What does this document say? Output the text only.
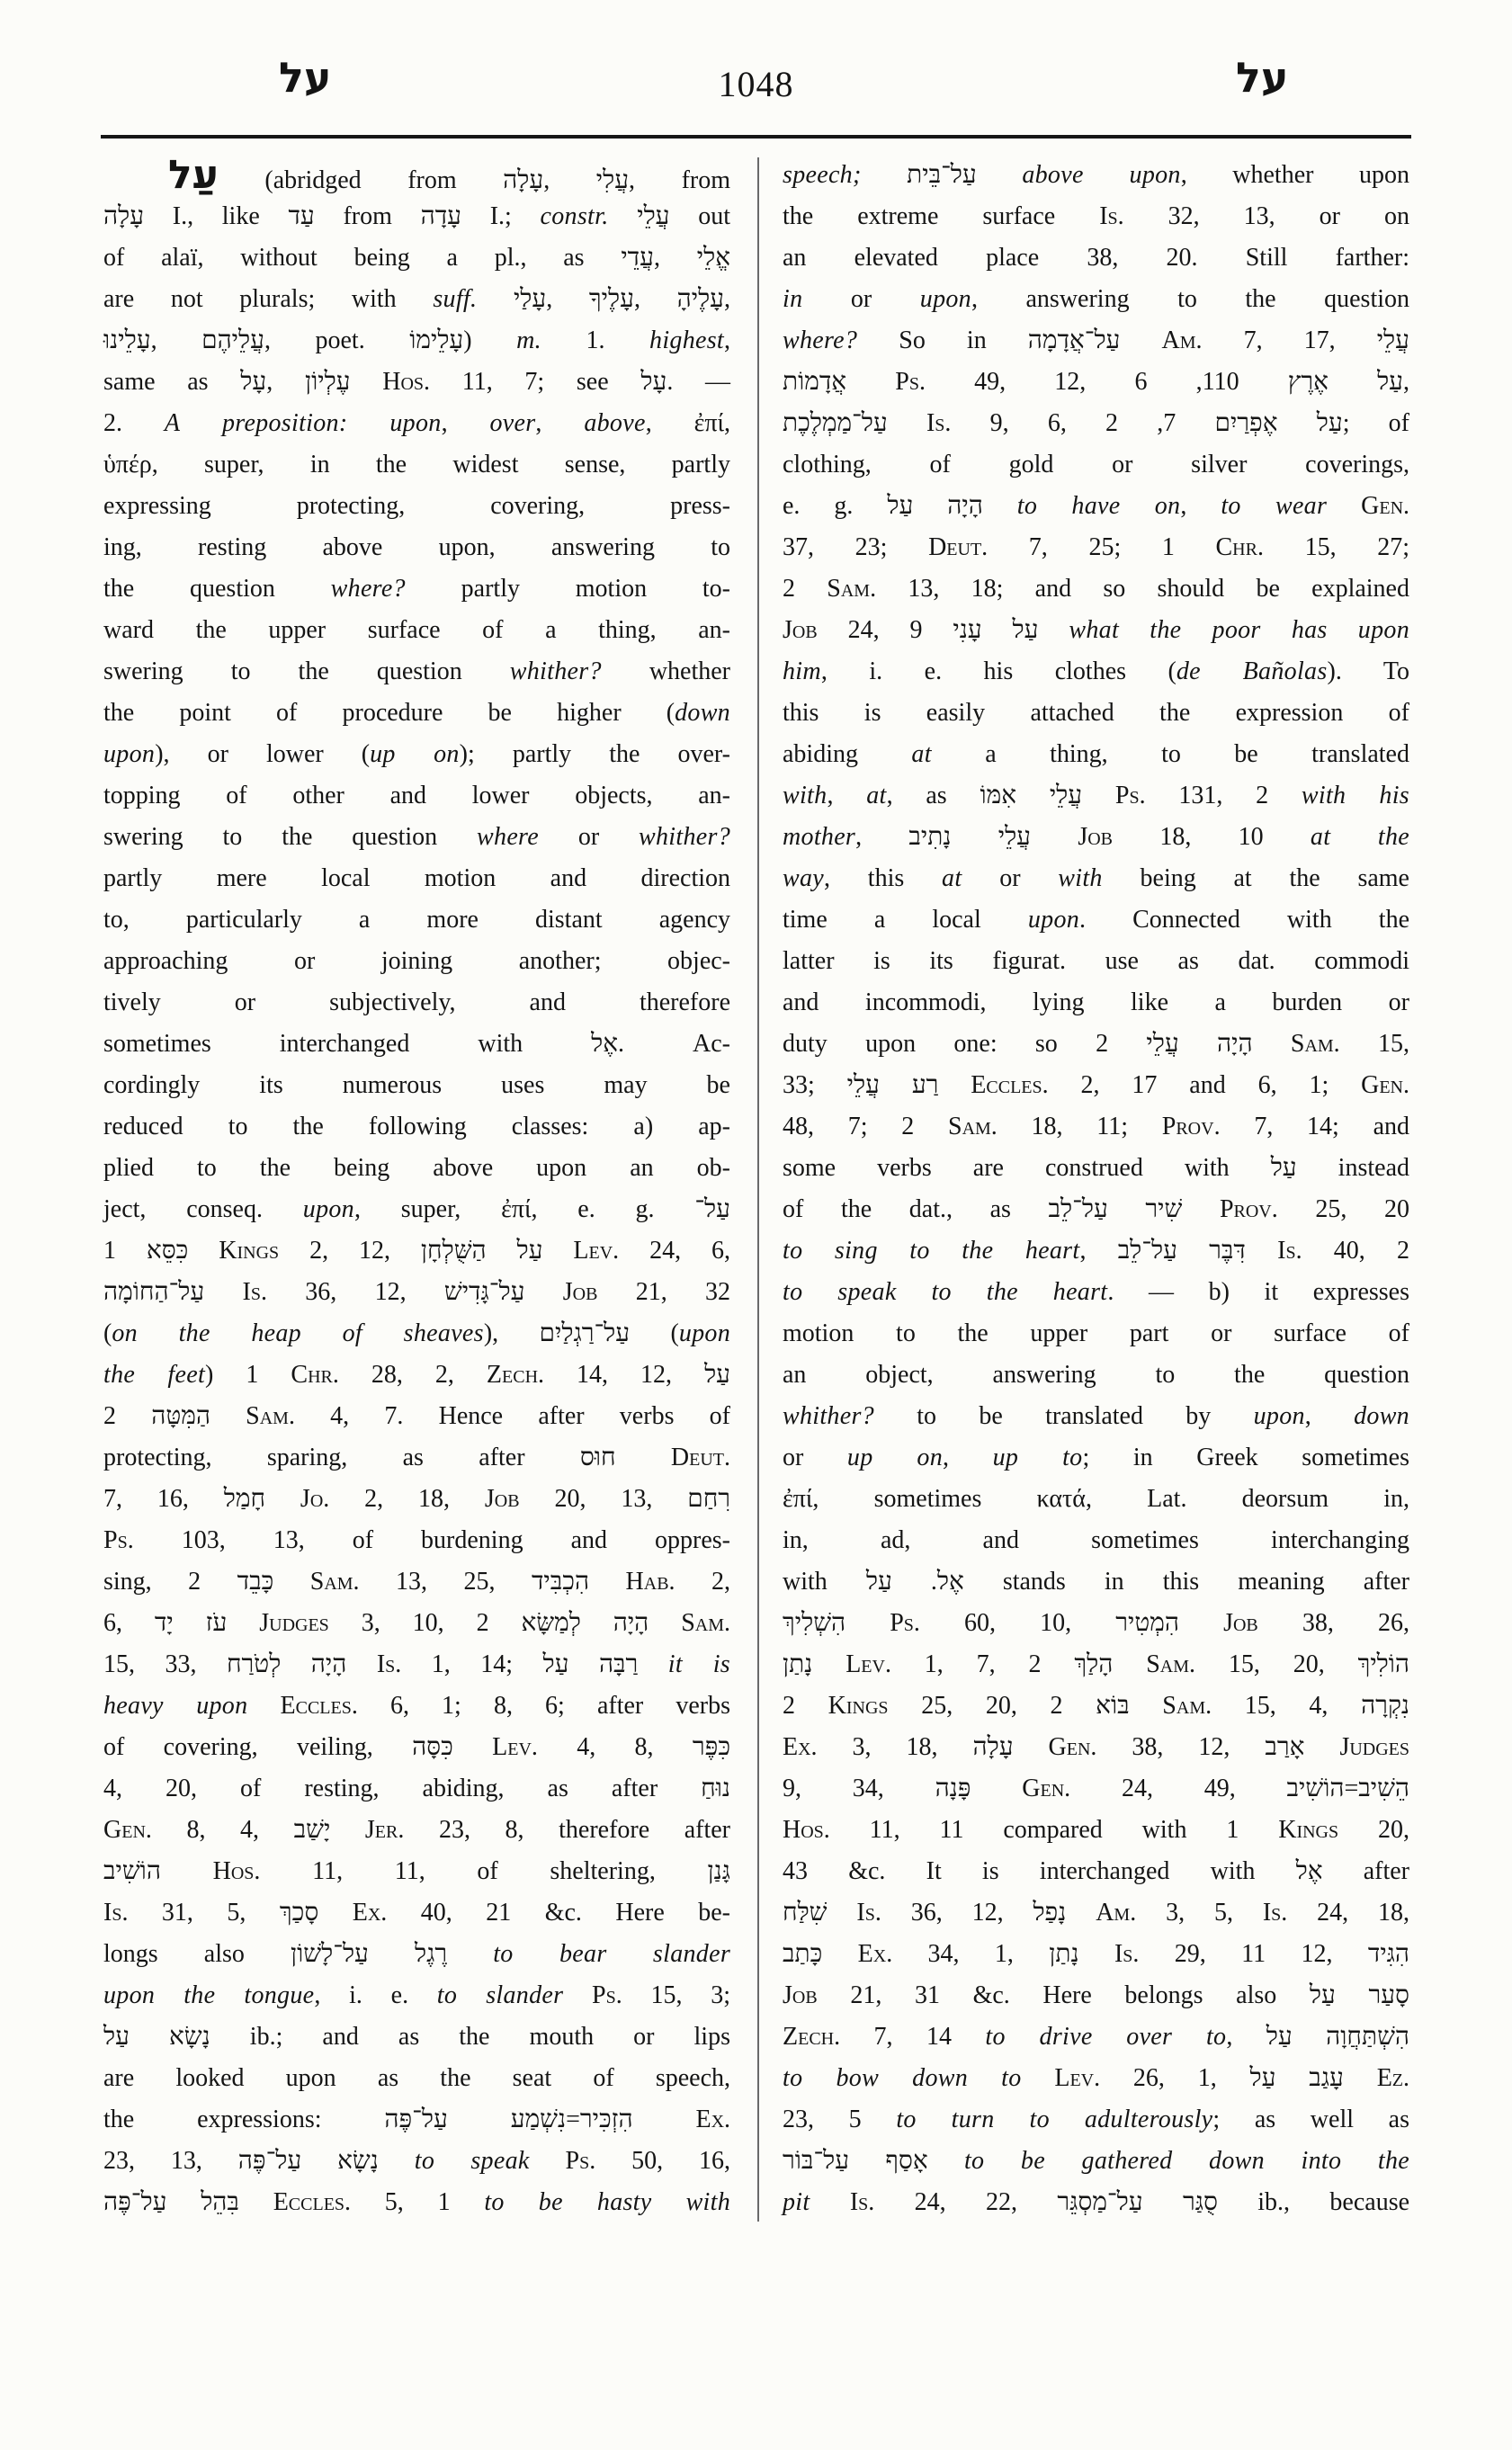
על	1048	על
עַל (abridged from עָלָה,‎ עֲלִי,‎ from
עָלָה I., like עַד from עָדָה I.; constr. עֲלֵי out
of alaï, without being a pl., as עֲדֵי,‎ אֱלֵי
are not plurals; with suff. עָלַי,‎ עָלֶיךָ,‎ עָלֶיהָ,
עָלֵינוּ,‎ עֲלֵיהֶם,‎ poet. עָלֵימוֹ) m. 1. highest,
same as עָל,‎ עֶלְיוֹן Hos. 11, 7; see עָל. —
2. A preposition: upon, over, above, ἐπί,
ὑπέρ, super, in the widest sense, partly
expressing protecting, covering, press-
ing, resting above upon, answering to
the question where? partly motion to-
ward the upper surface of a thing, an-
swering to the question whither? whether
the point of procedure be higher (down
upon), or lower (up on); partly the over-
topping of other and lower objects, an-
swering to the question where or whither?
partly mere local motion and direction
to, particularly a more distant agency
approaching or joining another; objec-
tively or subjectively, and therefore
sometimes interchanged with אֶל. Ac-
cordingly its numerous uses may be
reduced to the following classes: a) ap-
plied to the being above upon an ob-
ject, conseq. upon, super, ἐπί, e. g. עַל־
כִּסֵּא 1 Kings 2, 12, עַל הַשֻּׁלְחָן Lev. 24, 6,
עַל־הַחוֹמָה Is. 36, 12, עַל־גָּדִישׁ Job 21, 32
(on the heap of sheaves), עַל־רַגְלַיִם (upon
the feet) 1 Chr. 28, 2, Zech. 14, 12, עַל
הַמִּטָּה 2 Sam. 4, 7. Hence after verbs of
protecting, sparing, as after חוּס Deut.
7, 16, חָמַל Jo. 2, 18, Job 20, 13, רִחַם
Ps. 103, 13, of burdening and oppres-
sing, כָּבֵד 2 Sam. 13, 25, הִכְבִּיד Hab. 2,
6, עֹז יָד Judges 3, 10, הָיָה לְמַשָּׂא 2 Sam.
15, 33, הָיָה לְטֹרַח Is. 1, 14; רַבָּה עַל it is
heavy upon Eccles. 6, 1; 8, 6; after verbs
of covering, veiling, כִּסָּה Lev. 4, 8, כִּפֶּר
4, 20, of resting, abiding, as after נוּחַ
Gen. 8, 4, יָשַׁב Jer. 23, 8, therefore after
הוֹשִׁיב Hos. 11, 11, of sheltering, גָּנַן
Is. 31, 5, סָכַךְ Ex. 40, 21 &c. Here be-
longs also רֶגֶל עַל־לָשׁוֹן to bear slander
upon the tongue, i. e. to slander Ps. 15, 3;
נָשָׂא עַל ib.; and as the mouth or lips
are looked upon as the seat of speech,
the expressions: הִזְכִּיר=נִשְׁמַע עַל־פֶּה Ex.
23, 13, נָשָׂא עַל־פֶּה to speak Ps. 50, 16,
בִּהֵל עַל־פֶּה Eccles. 5, 1 to be hasty with
speech; עַל־בֵּית above upon, whether upon
the extreme surface Is. 32, 13, or on
an elevated place 38, 20. Still farther:
in or upon, answering to the question
where? So in עַל־אֲדָמָה Am. 7, 17, עֲלֵי
אֲדָמוֹת Ps. 49, 12, עַל אֶרֶץ 110, 6,
עַל־מַמְלֶכֶת Is. 9, 6, עַל אֶפְרַיִם 7, 2; of
clothing, of gold or silver coverings,
e. g. הָיָה עַל to have on, to wear Gen.
37, 23; Deut. 7, 25; 1 Chr. 15, 27;
2 Sam. 13, 18; and so should be explained
Job 24, 9 עַל עָנִי what the poor has upon
him, i. e. his clothes (de Bañolas). To
this is easily attached the expression of
abiding at a thing, to be translated
with, at, as עֲלֵי אִמּוֹ Ps. 131, 2 with his
mother, עֲלֵי נָתִיב Job 18, 10 at the
way, this at or with being at the same
time a local upon. Connected with the
latter is its figurat. use as dat. commodi
and incommodi, lying like a burden or
duty upon one: so הָיָה עֲלֵי 2 Sam. 15,
33; רַע עֲלֵי Eccles. 2, 17 and 6, 1; Gen.
48, 7; 2 Sam. 18, 11; Prov. 7, 14; and
some verbs are construed with עַל instead
of the dat., as שִׁיר עַל־לֵב Prov. 25, 20
to sing to the heart, דִּבֶּר עַל־לֵב Is. 40, 2
to speak to the heart. — b) it expresses
motion to the upper part or surface of
an object, answering to the question
whither? to be translated by upon, down
or up on, up to; in Greek sometimes
ἐπί, sometimes κατά, Lat. deorsum in,
in, ad, and sometimes interchanging
with אֶל. עַל stands in this meaning after
הִשְׁלִיךְ Ps. 60, 10, הִמְטִיר Job 38, 26,
נָתַן Lev. 1, 7, הָלַךְ 2 Sam. 15, 20, הוֹלִיךְ
2 Kings 25, 20, בּוֹא 2 Sam. 15, 4, נִקְרָה
Ex. 3, 18, עָלָה Gen. 38, 12, אָרַב Judges
9, 34, פָּנָה Gen. 24, 49, הֵשִׁיב=הוֹשִׁיב
Hos. 11, 11 compared with 1 Kings 20,
43 &c. It is interchanged with אֶל after
שִׁלַּח Is. 36, 12, נָפַל Am. 3, 5, Is. 24, 18,
כָּתַב Ex. 34, 1, נָתַן Is. 29, 11 12, הִגִּיד
Job 21, 31 &c. Here belongs also סָעַר עַל
Zech. 7, 14 to drive over to, הִשְׁתַּחֲוָה עַל
to bow down to Lev. 26, 1, עָגַב עַל Ez.
23, 5 to turn to adulterously; as well as
אָסַף עַל־בּוֹר to be gathered down into the
pit Is. 24, 22, סֻגַּר עַל־מַסְגֵּר ib., because
